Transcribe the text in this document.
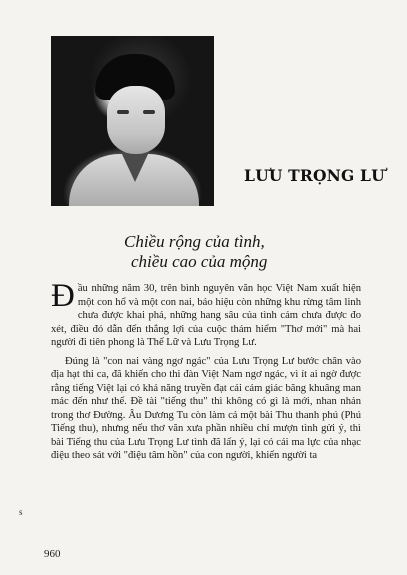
LƯU TRỌNG LƯ
Chiều rộng của tình,
chiều cao của mộng

Đầu những năm 30, trên bình nguyên văn học Việt Nam xuất hiện một con hổ và một con nai, báo hiệu còn những khu rừng tâm linh chưa được khai phá, những hang sâu của tình cảm chưa được đo xét, điều đó dẫn đến thắng lợi của cuộc thám hiểm "Thơ mới" mà hai người đi tiên phong là Thế Lữ và Lưu Trọng Lư.

Đúng là "con nai vàng ngơ ngác" của Lưu Trọng Lư bước chân vào địa hạt thi ca, đã khiến cho thi đàn Việt Nam ngơ ngác, vì ít ai ngờ được rằng tiếng Việt lại có khả năng truyền đạt cái cảm giác băng khuâng man mác đến như thế. Đề tài "tiếng thu" thì không có gì là mới, nhan nhản trong thơ Đường. Âu Dương Tu còn làm cả một bài Thu thanh phú (Phú Tiếng thu), nhưng nếu thơ văn xưa phần nhiều chỉ mượn tình gửi ý, thì bài Tiếng thu của Lưu Trọng Lư tình đã lấn ý, lại có cái ma lực của nhạc điệu theo sát với "điệu tâm hồn" của con người, khiến người ta

s
960
